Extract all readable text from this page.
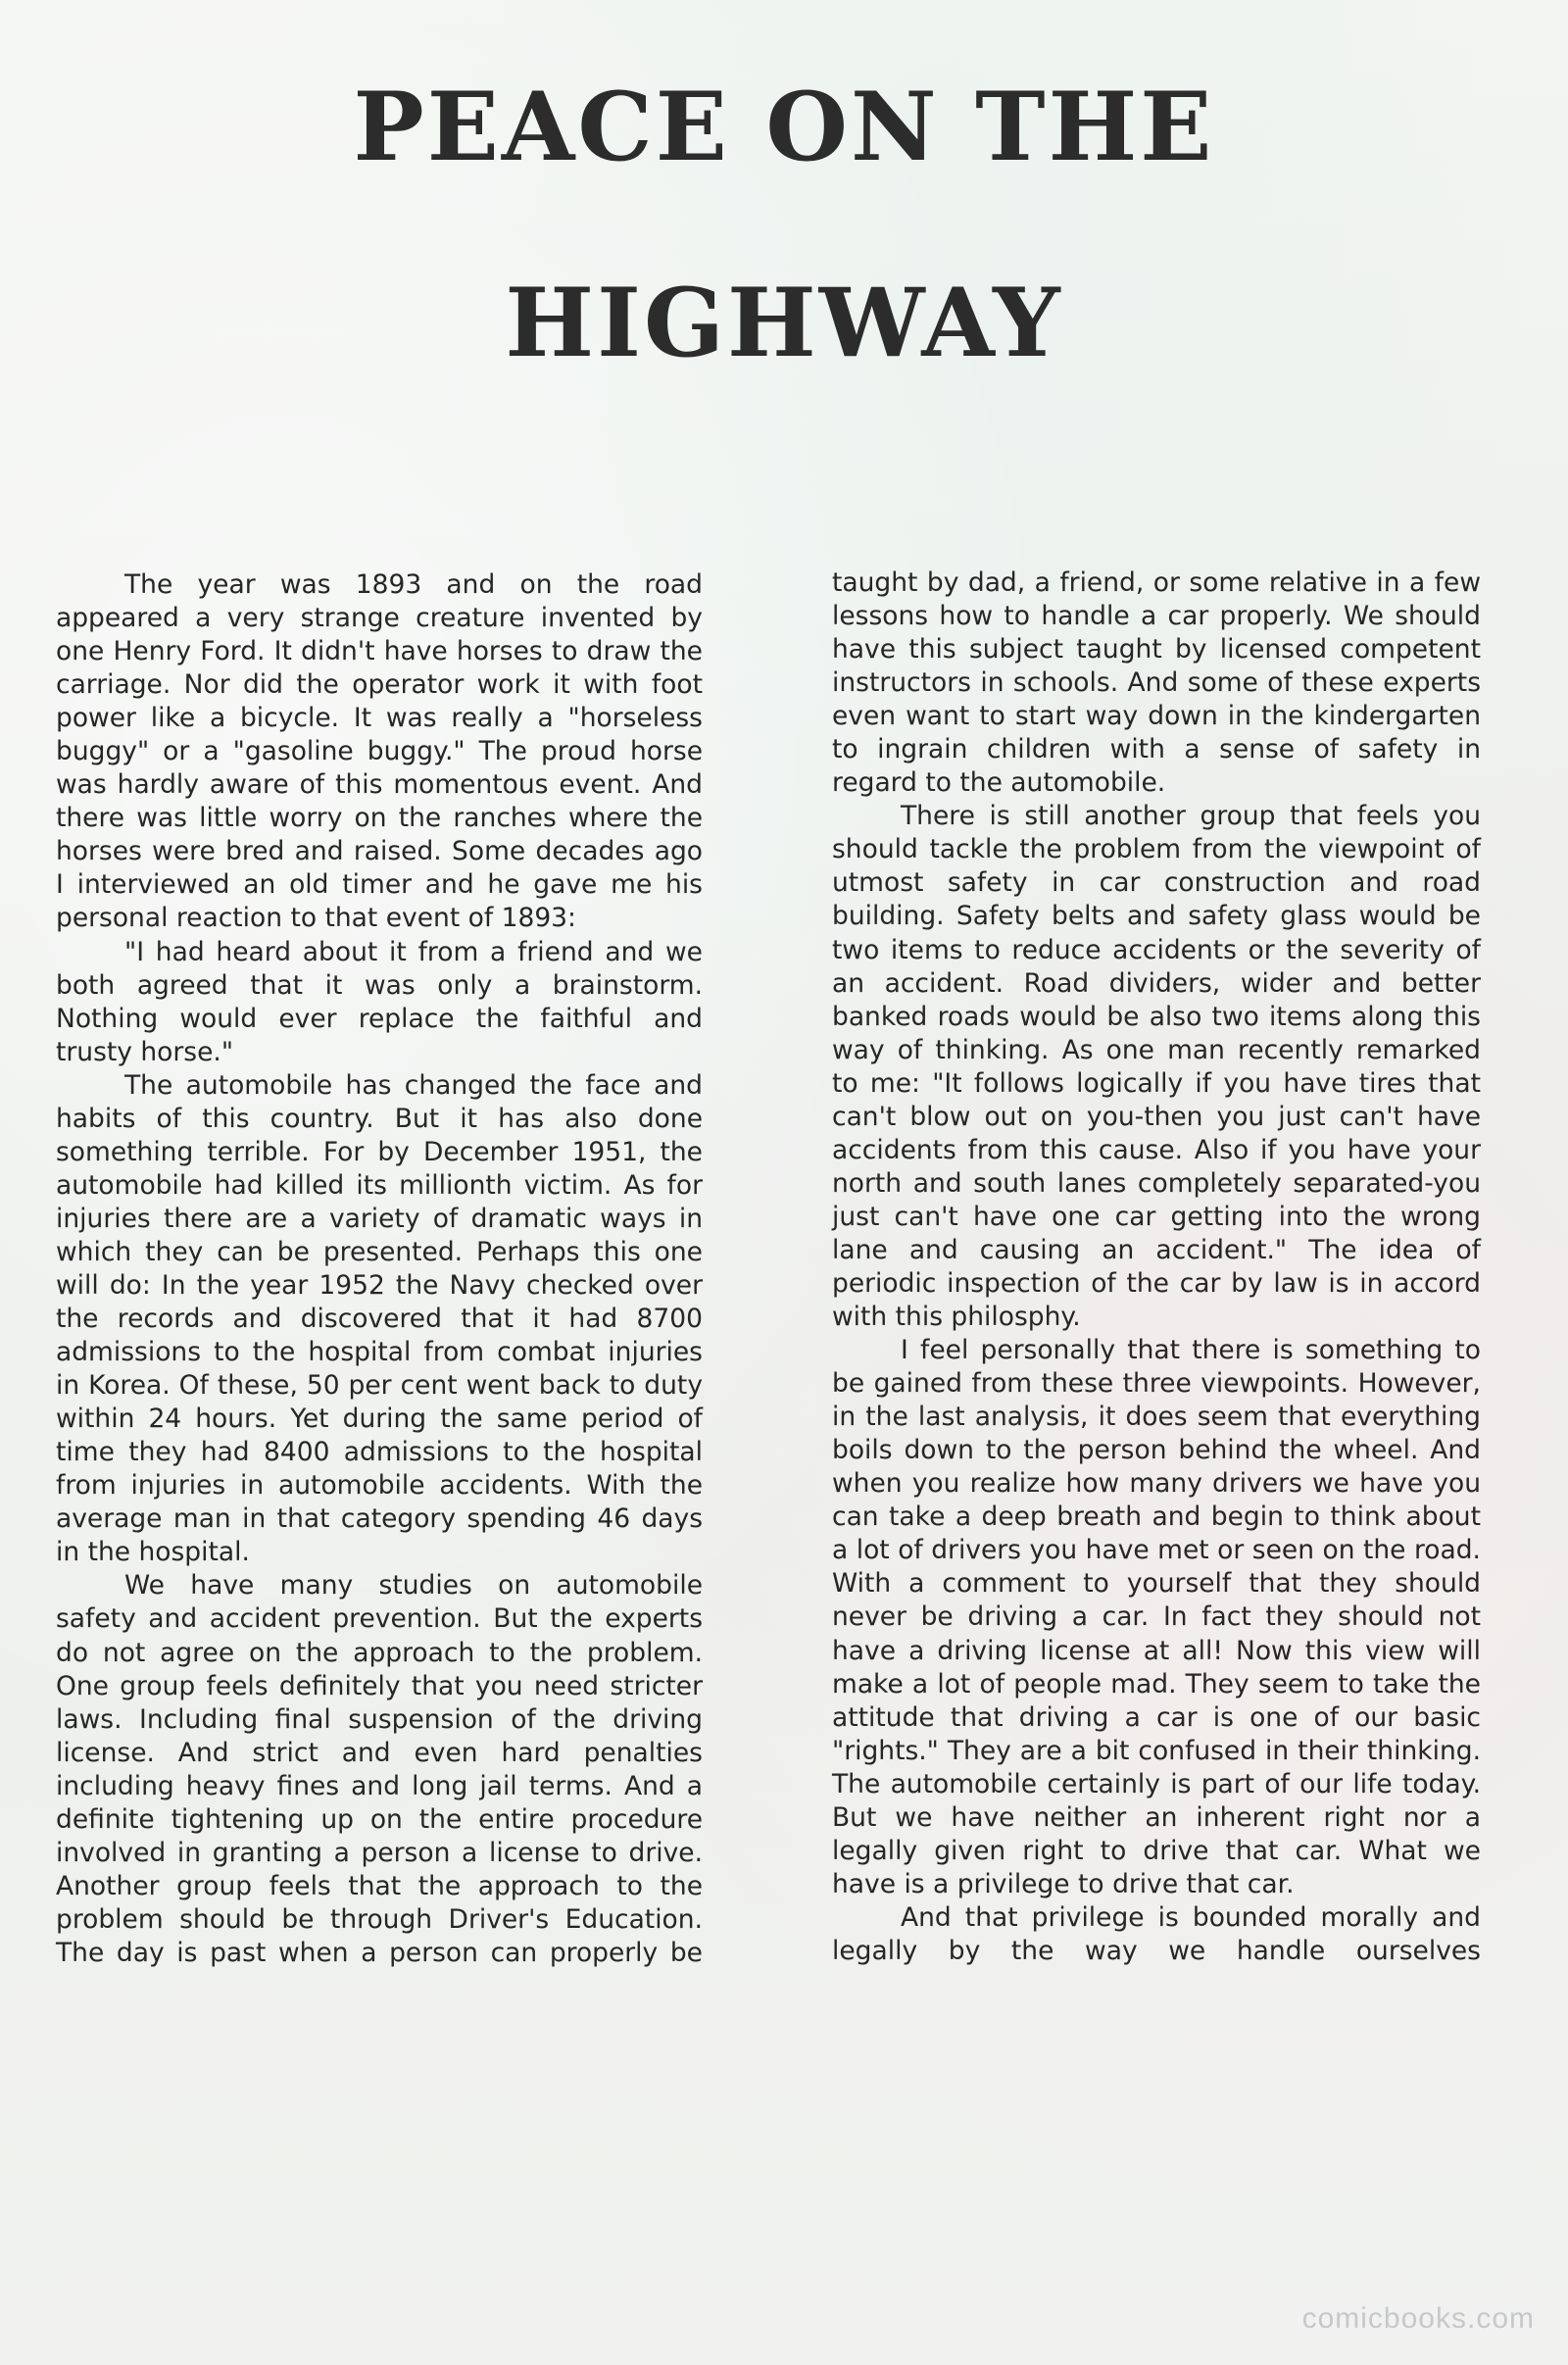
PEACE ON THE
HIGHWAY

The year was 1893 and on the road appeared a very strange creature invented by one Henry Ford. It didn't have horses to draw the carriage. Nor did the operator work it with foot power like a bicycle. It was really a "horseless buggy" or a "gasoline buggy." The proud horse was hardly aware of this momentous event. And there was little worry on the ranches where the horses were bred and raised. Some decades ago I interviewed an old timer and he gave me his personal reaction to that event of 1893:

"I had heard about it from a friend and we both agreed that it was only a brainstorm. Nothing would ever replace the faithful and trusty horse."

The automobile has changed the face and habits of this country. But it has also done something terrible. For by December 1951, the automobile had killed its millionth victim. As for injuries there are a variety of dramatic ways in which they can be presented. Perhaps this one will do: In the year 1952 the Navy checked over the records and discovered that it had 8700 admissions to the hospital from combat injuries in Korea. Of these, 50 per cent went back to duty within 24 hours. Yet during the same period of time they had 8400 admissions to the hospital from injuries in automobile accidents. With the average man in that category spending 46 days in the hospital.

We have many studies on automobile safety and accident prevention. But the experts do not agree on the approach to the problem. One group feels definitely that you need stricter laws. Including final suspension of the driving license. And strict and even hard penalties including heavy fines and long jail terms. And a definite tightening up on the entire procedure involved in granting a person a license to drive. Another group feels that the approach to the problem should be through Driver's Education. The day is past when a person can properly be

taught by dad, a friend, or some relative in a few lessons how to handle a car properly. We should have this subject taught by licensed competent instructors in schools. And some of these experts even want to start way down in the kindergarten to ingrain children with a sense of safety in regard to the automobile.

There is still another group that feels you should tackle the problem from the viewpoint of utmost safety in car construction and road building. Safety belts and safety glass would be two items to reduce accidents or the severity of an accident. Road dividers, wider and better banked roads would be also two items along this way of thinking. As one man recently remarked to me: "It follows logically if you have tires that can't blow out on you-then you just can't have accidents from this cause. Also if you have your north and south lanes completely separated-you just can't have one car getting into the wrong lane and causing an accident." The idea of periodic inspection of the car by law is in accord with this philosphy.

I feel personally that there is something to be gained from these three viewpoints. However, in the last analysis, it does seem that everything boils down to the person behind the wheel. And when you realize how many drivers we have you can take a deep breath and begin to think about a lot of drivers you have met or seen on the road. With a comment to yourself that they should never be driving a car. In fact they should not have a driving license at all! Now this view will make a lot of people mad. They seem to take the attitude that driving a car is one of our basic "rights." They are a bit confused in their thinking. The automobile certainly is part of our life today. But we have neither an inherent right nor a legally given right to drive that car. What we have is a privilege to drive that car.

And that privilege is bounded morally and legally by the way we handle ourselves

comicbooks.com
